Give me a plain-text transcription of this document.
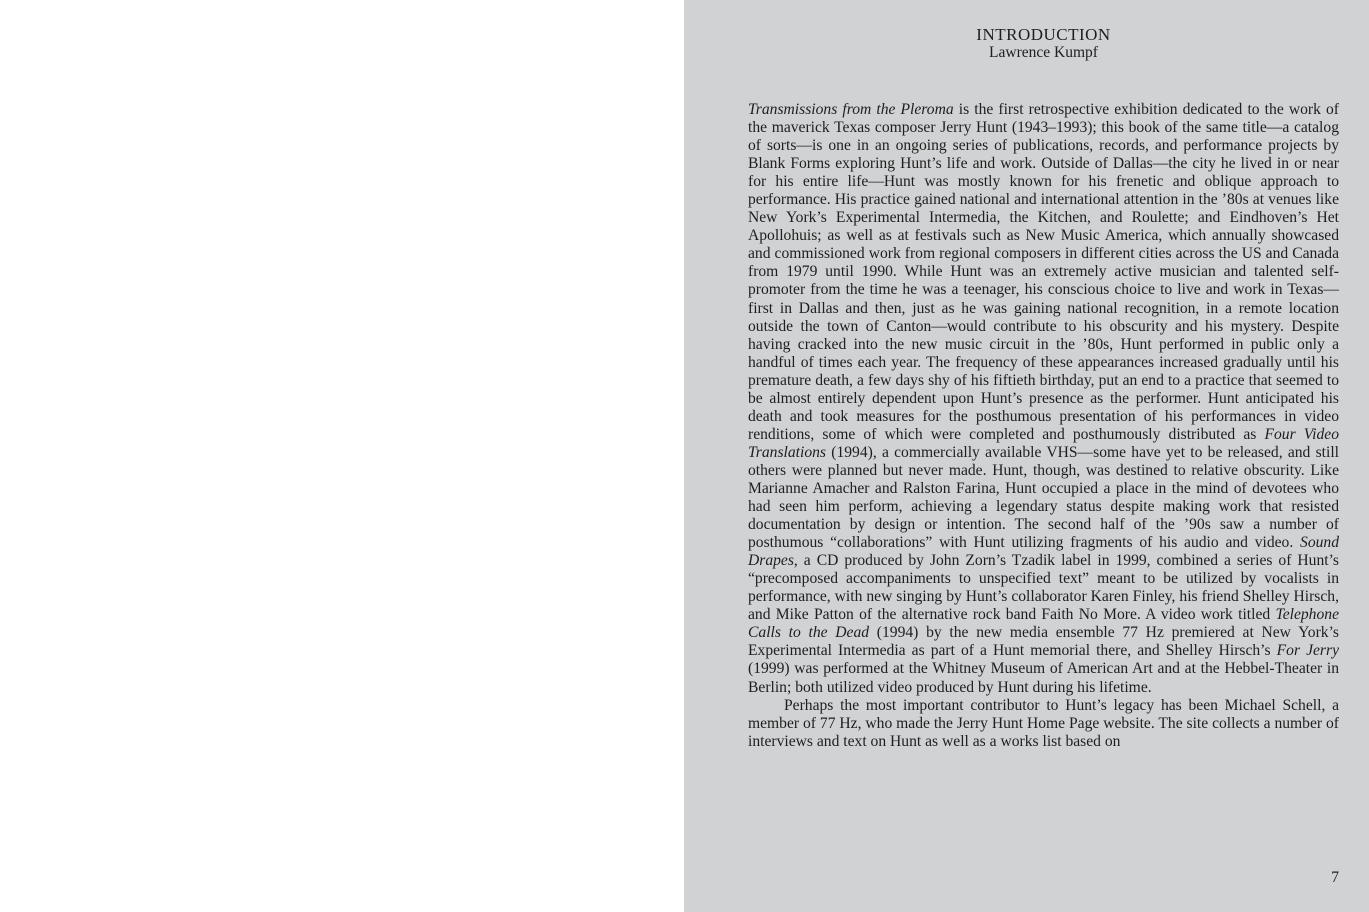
INTRODUCTION
Lawrence Kumpf

Transmissions from the Pleroma is the first retrospective exhibition dedicated to the work of the maverick Texas composer Jerry Hunt (1943–1993); this book of the same title—a catalog of sorts—is one in an ongoing series of publications, records, and performance projects by Blank Forms exploring Hunt’s life and work. Outside of Dallas—the city he lived in or near for his entire life—Hunt was mostly known for his frenetic and oblique approach to performance. His practice gained national and international attention in the ’80s at venues like New York’s Experimental Intermedia, the Kitchen, and Roulette; and Eindhoven’s Het Apollohuis; as well as at festivals such as New Music America, which annually showcased and commissioned work from regional composers in different cities across the US and Canada from 1979 until 1990. While Hunt was an extremely active musician and talented self-promoter from the time he was a teenager, his conscious choice to live and work in Texas—first in Dallas and then, just as he was gaining national recognition, in a remote location outside the town of Canton—would contribute to his obscurity and his mystery. Despite having cracked into the new music circuit in the ’80s, Hunt performed in public only a handful of times each year. The frequency of these appearances increased gradually until his premature death, a few days shy of his fiftieth birthday, put an end to a practice that seemed to be almost entirely dependent upon Hunt’s presence as the performer. Hunt anticipated his death and took measures for the posthumous presentation of his performances in video renditions, some of which were completed and posthumously distributed as Four Video Translations (1994), a commercially available VHS—some have yet to be released, and still others were planned but never made. Hunt, though, was destined to relative obscurity. Like Marianne Amacher and Ralston Farina, Hunt occupied a place in the mind of devotees who had seen him perform, achieving a legendary status despite making work that resisted documentation by design or intention. The second half of the ’90s saw a number of posthumous “collaborations” with Hunt utilizing fragments of his audio and video. Sound Drapes, a CD produced by John Zorn’s Tzadik label in 1999, combined a series of Hunt’s “precomposed accompaniments to unspecified text” meant to be utilized by vocalists in performance, with new singing by Hunt’s collaborator Karen Finley, his friend Shelley Hirsch, and Mike Patton of the alternative rock band Faith No More. A video work titled Telephone Calls to the Dead (1994) by the new media ensemble 77 Hz premiered at New York’s Experimental Intermedia as part of a Hunt memorial there, and Shelley Hirsch’s For Jerry (1999) was performed at the Whitney Museum of American Art and at the Hebbel-Theater in Berlin; both utilized video produced by Hunt during his lifetime.

Perhaps the most important contributor to Hunt’s legacy has been Michael Schell, a member of 77 Hz, who made the Jerry Hunt Home Page website. The site collects a number of interviews and text on Hunt as well as a works list based on

7
